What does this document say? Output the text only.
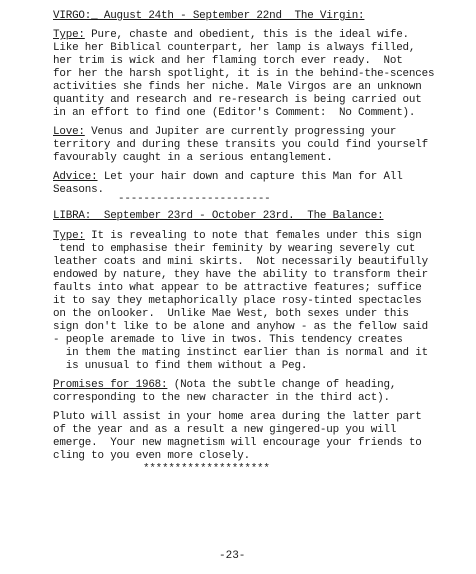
VIRGO:_ August 24th - September 22nd  The Virgin:

Type: Pure, chaste and obedient, this is the ideal wife.

Like her Biblical counterpart, her lamp is always filled,

her trim is wick and her flaming torch ever ready.  Not

for her the harsh spotlight, it is in the behind-the-scences

activities she finds her niche. Male Virgos are an unknown

quantity and research and re-research is being carried out

in an effort to find one (Editor's Comment:  No Comment).

Love: Venus and Jupiter are currently progressing your

territory and during these transits you could find yourself

favourably caught in a serious entanglement.

Advice: Let your hair down and capture this Man for All

Seasons.

------------------------

LIBRA:  September 23rd - October 23rd.  The Balance:

Type: It is revealing to note that females under this sign

tend to emphasise their feminity by wearing severely cut

leather coats and mini skirts.  Not necessarily beautifully

endowed by nature, they have the ability to transform their

faults into what appear to be attractive features; suffice

it to say they metaphorically place rosy-tinted spectacles

on the onlooker.  Unlike Mae West, both sexes under this

sign don't like to be alone and anyhow - as the fellow said

- people aremade to live in twos. This tendency creates

in them the mating instinct earlier than is normal and it

is unusual to find them without a Peg.

Promises for 1968: (Nota the subtle change of heading,

corresponding to the new character in the third act).

Pluto will assist in your home area during the latter part

of the year and as a result a new gingered-up you will

emerge.  Your new magnetism will encourage your friends to

cling to you even more closely.

********************

-23-
